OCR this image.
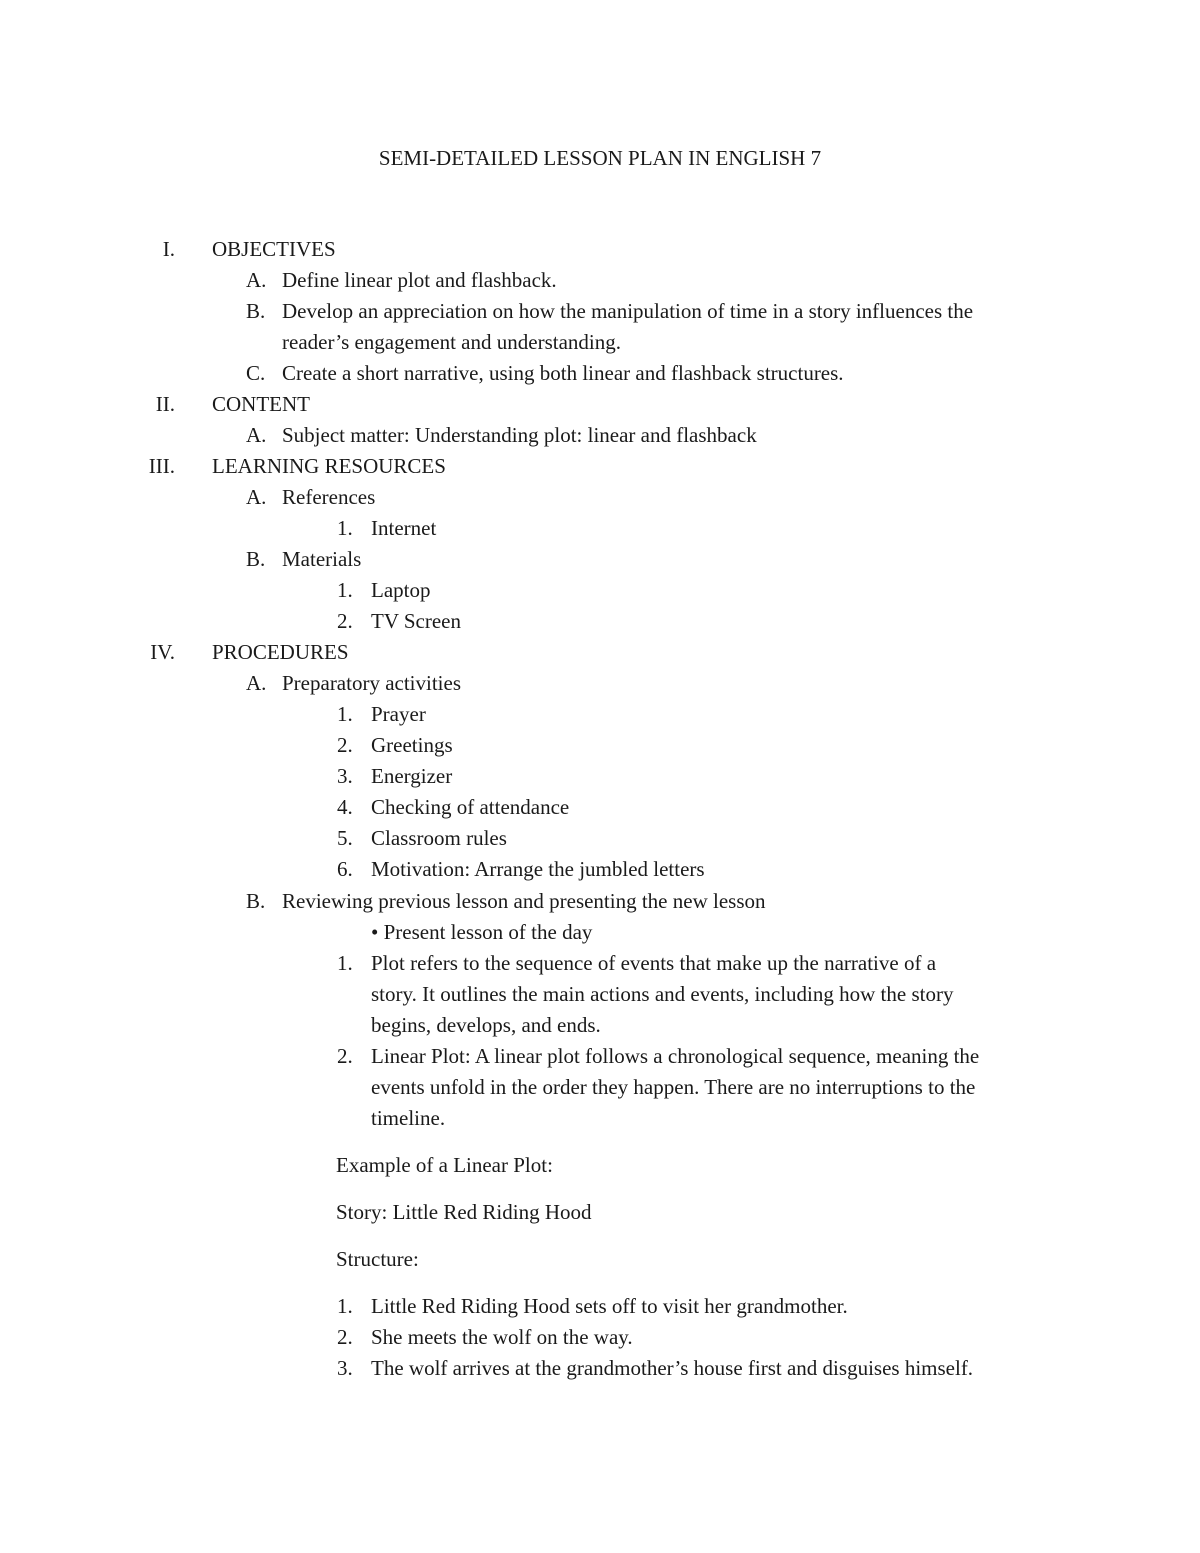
SEMI-DETAILED LESSON PLAN IN ENGLISH 7
I. OBJECTIVES
A. Define linear plot and flashback.
B. Develop an appreciation on how the manipulation of time in a story influences the
reader’s engagement and understanding.
C. Create a short narrative, using both linear and flashback structures.
II. CONTENT
A. Subject matter: Understanding plot: linear and flashback
III. LEARNING RESOURCES
A. References
1. Internet
B. Materials
1. Laptop
2. TV Screen
IV. PROCEDURES
A. Preparatory activities
1. Prayer
2. Greetings
3. Energizer
4. Checking of attendance
5. Classroom rules
6. Motivation: Arrange the jumbled letters
B. Reviewing previous lesson and presenting the new lesson
• Present lesson of the day
1. Plot refers to the sequence of events that make up the narrative of a
story. It outlines the main actions and events, including how the story
begins, develops, and ends.
2. Linear Plot: A linear plot follows a chronological sequence, meaning the
events unfold in the order they happen. There are no interruptions to the
timeline.
Example of a Linear Plot:
Story: Little Red Riding Hood
Structure:
1. Little Red Riding Hood sets off to visit her grandmother.
2. She meets the wolf on the way.
3. The wolf arrives at the grandmother’s house first and disguises himself.
